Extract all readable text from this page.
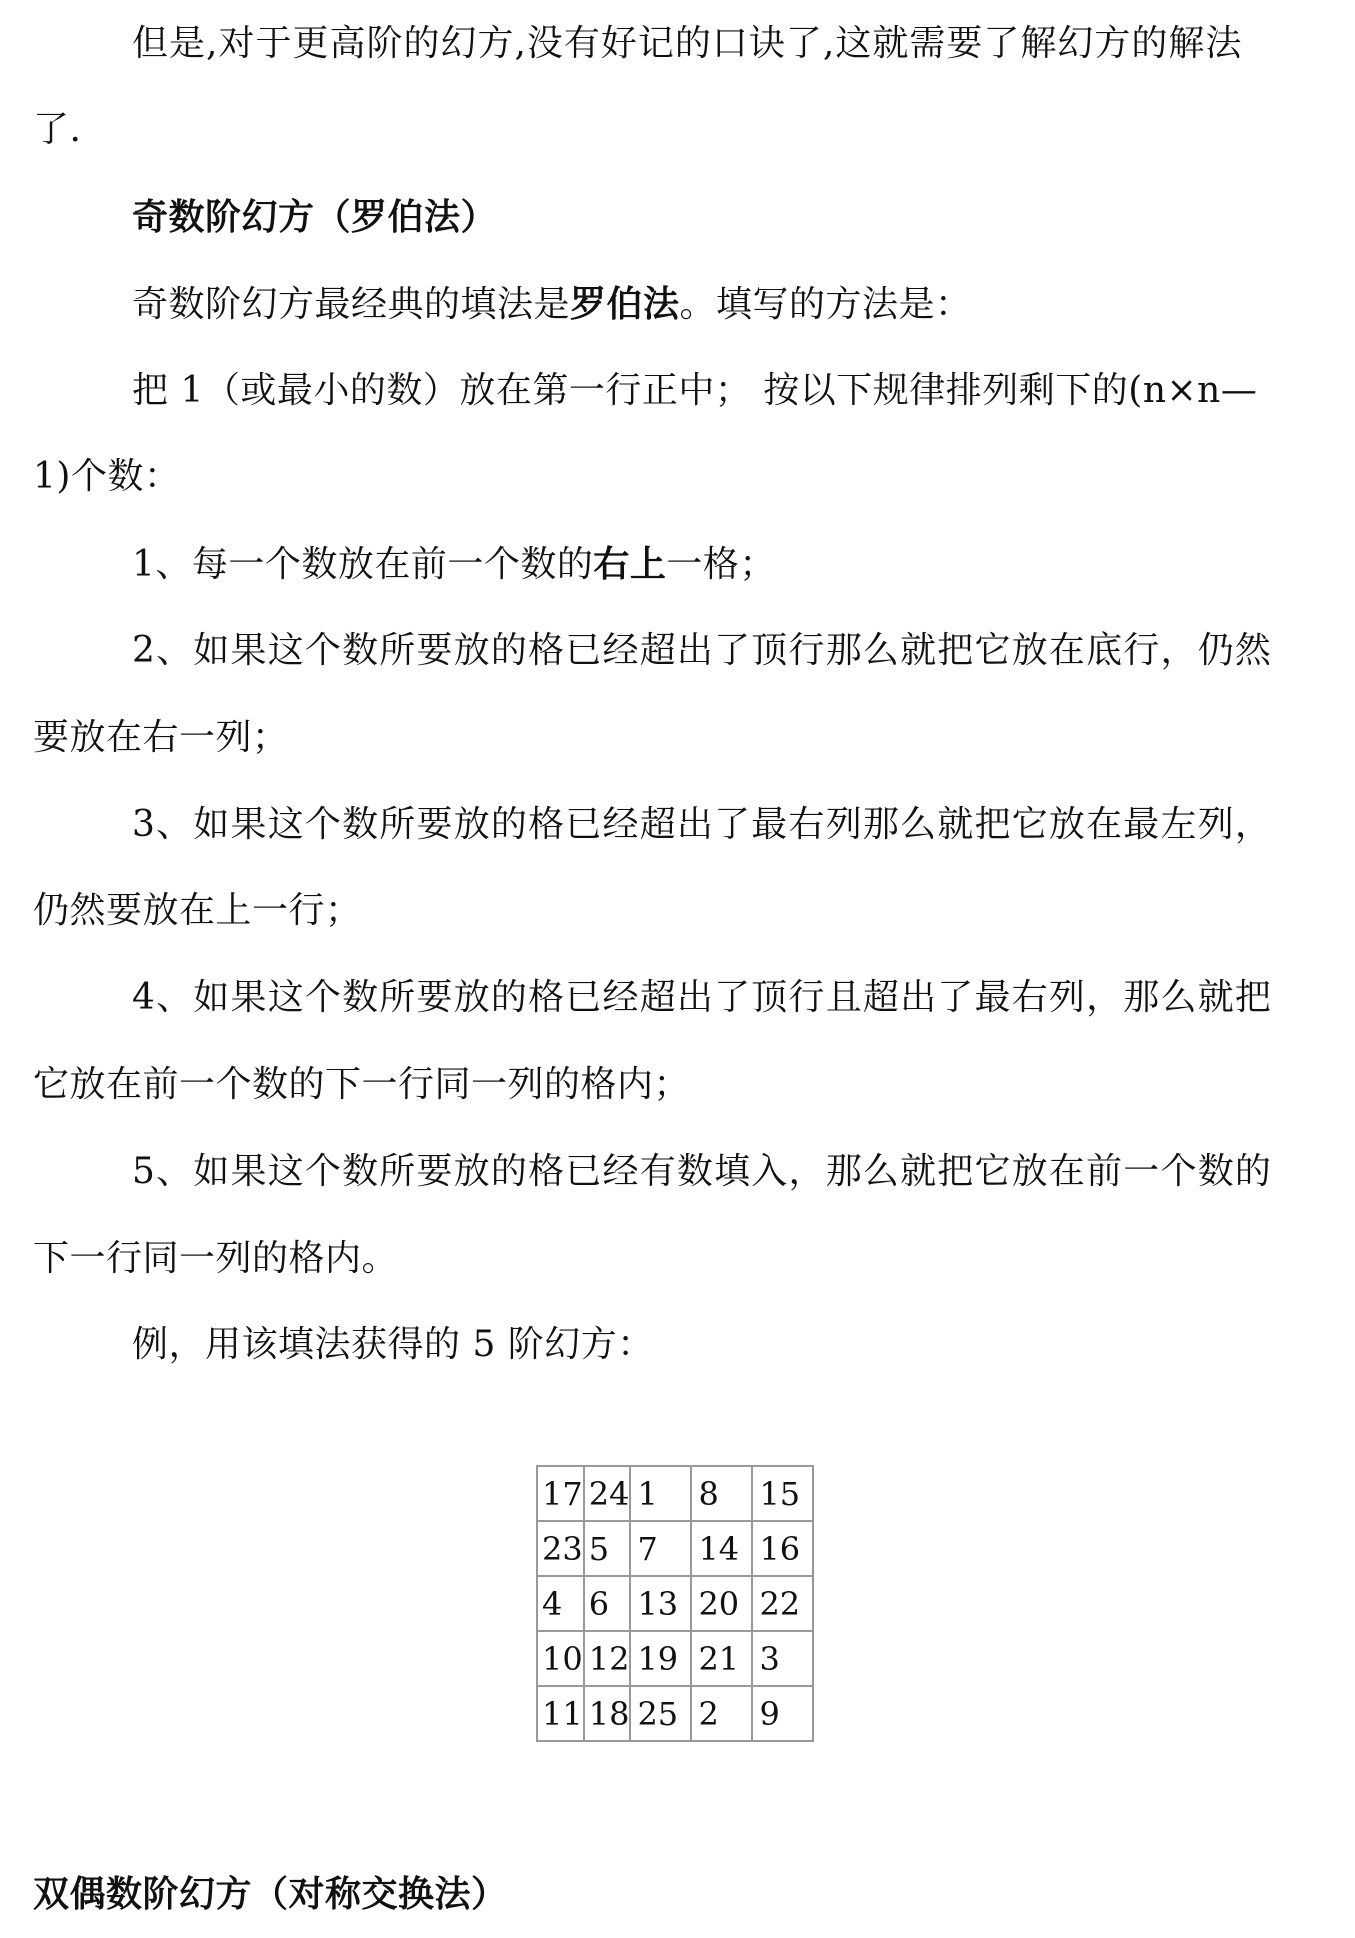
但是,对于更高阶的幻方,没有好记的口诀了,这就需要了解幻方的解法
了.
奇数阶幻方（罗伯法）
奇数阶幻方最经典的填法是罗伯法。填写的方法是：
把 1（或最小的数）放在第一行正中； 按以下规律排列剩下的(n×n—
1)个数：
1、每一个数放在前一个数的右上一格；
2、如果这个数所要放的格已经超出了顶行那么就把它放在底行，仍然
要放在右一列；
3、如果这个数所要放的格已经超出了最右列那么就把它放在最左列，
仍然要放在上一行；
4、如果这个数所要放的格已经超出了顶行且超出了最右列，那么就把
它放在前一个数的下一行同一列的格内；
5、如果这个数所要放的格已经有数填入，那么就把它放在前一个数的
下一行同一列的格内。
例，用该填法获得的 5 阶幻方：
17	24	1	8	15
23	5	7	14	16
4	6	13	20	22
10	12	19	21	3
11	18	25	2	9
双偶数阶幻方（对称交换法）
